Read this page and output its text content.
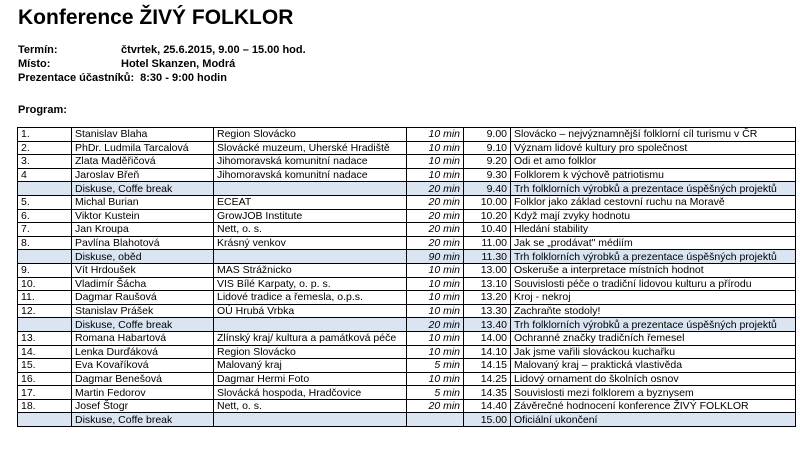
Konference ŽIVÝ FOLKLOR
Termín:	čtvrtek, 25.6.2015, 9.00 – 15.00 hod.
Místo:	Hotel Skanzen, Modrá
Prezentace účastníků: 8:30 - 9:00 hodin
Program:
1.	Stanislav Blaha	Region Slovácko	10 min	9.00	Slovácko – nejvýznamnější folklorní cíl turismu v ČR
2.	PhDr. Ludmila Tarcalová	Slovácké muzeum, Uherské Hradiště	10 min	9.10	Význam lidové kultury pro společnost
3.	Zlata Maděřičová	Jihomoravská komunitní nadace	10 min	9.20	Odi et amo folklor
4	Jaroslav Břeň	Jihomoravská komunitní nadace	10 min	9.30	Folklorem k výchově patriotismu
	Diskuse, Coffe break		20 min	9.40	Trh folklorních výrobků a prezentace úspěšných projektů
5.	Michal Burian	ECEAT	20 min	10.00	Folklor jako základ cestovní ruchu na Moravě
6.	Viktor Kustein	GrowJOB Institute	20 min	10.20	Když mají zvyky hodnotu
7.	Jan Kroupa	Nett, o. s.	20 min	10.40	Hledání stability
8.	Pavlína Blahotová	Krásný venkov	20 min	11.00	Jak se „prodávat" médiím
	Diskuse, oběd		90 min	11.30	Trh folklorních výrobků a prezentace úspěšných projektů
9.	Vít Hrdoušek	MAS Strážnicko	10 min	13.00	Oskeruše a interpretace místních hodnot
10.	Vladimír Šácha	VIS Bílé Karpaty, o. p. s.	10 min	13.10	Souvislosti péče o tradiční lidovou kulturu a přírodu
11.	Dagmar Raušová	Lidové tradice a řemesla, o.p.s.	10 min	13.20	Kroj - nekroj
12.	Stanislav Prášek	OÚ Hrubá Vrbka	10 min	13.30	Zachraňte stodoly!
	Diskuse, Coffe break		20 min	13.40	Trh folklorních výrobků a prezentace úspěšných projektů
13.	Romana Habartová	Zlínský kraj/ kultura a památková péče	10 min	14.00	Ochranné značky tradičních řemesel
14.	Lenka Durďáková	Region Slovácko	10 min	14.10	Jak jsme vařili slováckou kuchařku
15.	Eva Kovaříková	Malovaný kraj	5 min	14.15	Malovaný kraj – praktická vlastivěda
16.	Dagmar Benešová	Dagmar Hermi Foto	10 min	14.25	Lidový ornament do školních osnov
17.	Martin Fedorov	Slovácká hospoda, Hradčovice	5 min	14.35	Souvislosti mezi folklorem a byznysem
18.	Josef Štogr	Nett, o. s.	20 min	14.40	Závěrečné hodnocení konference ŽIVÝ FOLKLOR
	Diskuse, Coffe break			15.00	Oficiální ukončení
